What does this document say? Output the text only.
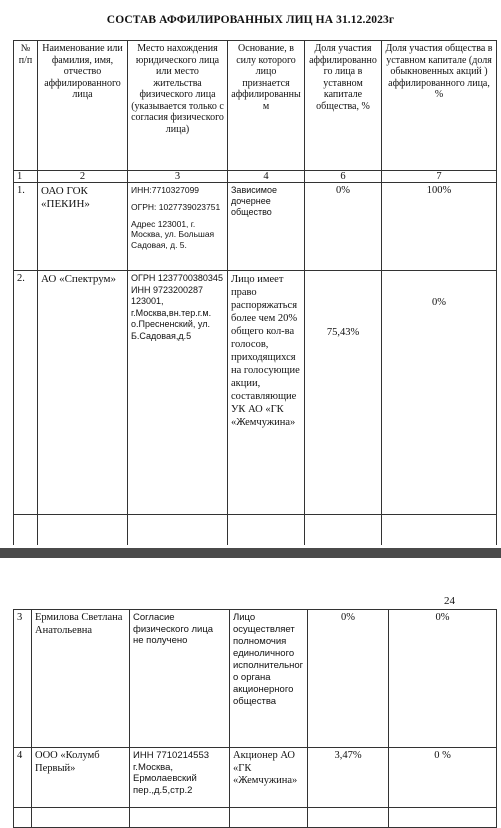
СОСТАВ АФФИЛИРОВАННЫХ ЛИЦ НА 31.12.2023г
№ п/п	Наименование или фамилия, имя, отчество аффилированного лица	Место нахождения юридического лица или место жительства физического лица (указывается только с согласия физического лица)	Основание, в силу которого лицо признается аффилированным	Доля участия аффилированного лица в уставном капитале общества, %	Доля участия общества в уставном капитале (доля обыкновенных акций ) аффилированного лица, %
1	2	3	4	6	7
1.	ОАО ГОК «ПЕКИН»	ИНН:7710327099
ОГРН: 1027739023751
Адрес 123001, г. Москва, ул. Большая Садовая, д. 5.	Зависимое дочернее общество	0%	100%
2.	АО «Спектрум»	ОГРН 1237700380345 ИНН 9723200287 123001, г.Москва,вн.тер.г.м. о.Пресненский, ул. Б.Садовая,д.5	Лицо имеет право распоряжаться более чем 20% общего кол-ва голосов, приходящихся на голосующие акции, составляющие УК АО «ГК «Жемчужина»	75,43%	0%

24
3	Ермилова Светлана Анатольевна	Согласие физического лица не получено	Лицо осуществляет полномочия единоличного исполнительного органа акционерного общества	0%	0%
4	ООО «Колумб Первый»	ИНН 7710214553 г.Москва, Ермолаевский пер.,д.5,стр.2	Акционер АО «ГК «Жемчужина»	3,47%	0 %
